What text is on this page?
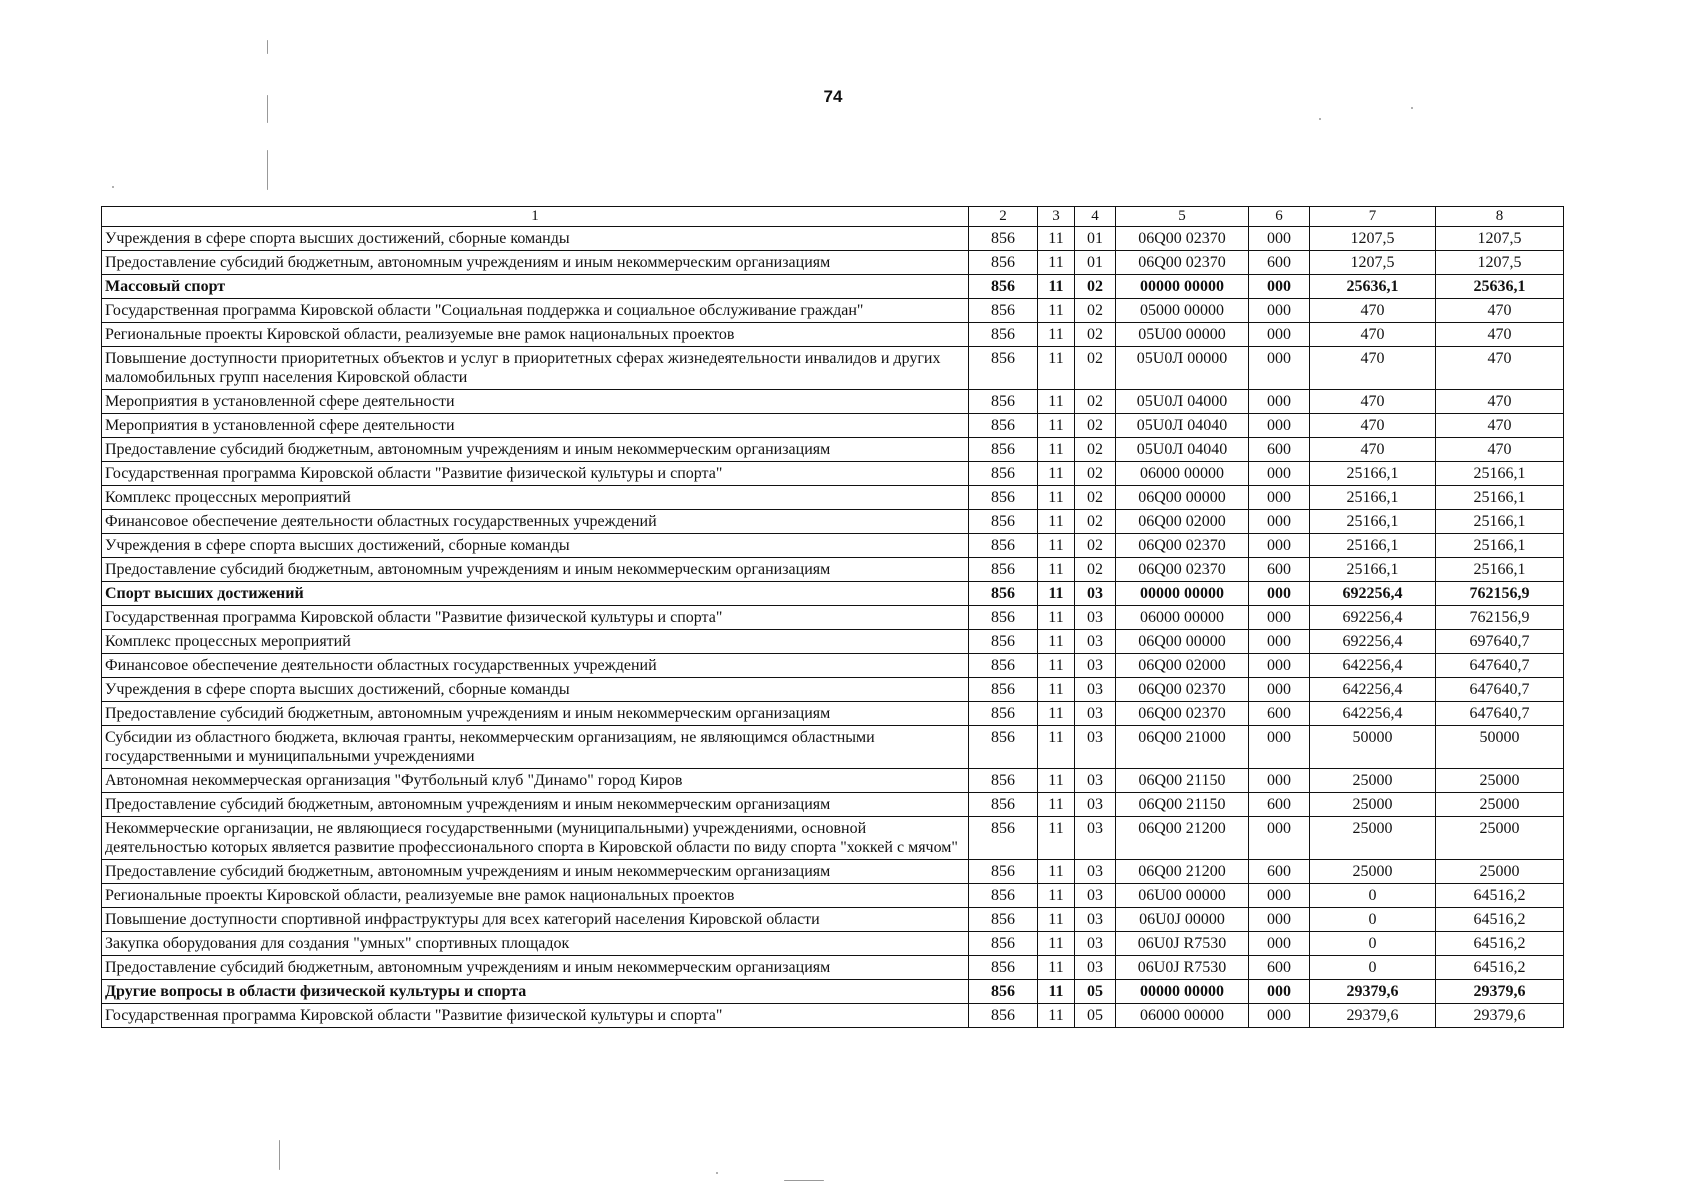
74
1	2	3	4	5	6	7	8
Учреждения в сфере спорта высших достижений, сборные команды	856	11	01	06Q00 02370	000	1207,5	1207,5
Предоставление субсидий бюджетным, автономным учреждениям и иным некоммерческим организациям	856	11	01	06Q00 02370	600	1207,5	1207,5
Массовый спорт	856	11	02	00000 00000	000	25636,1	25636,1
Государственная программа Кировской области "Социальная поддержка и социальное обслуживание граждан"	856	11	02	05000 00000	000	470	470
Региональные проекты Кировской области, реализуемые вне рамок национальных проектов	856	11	02	05U00 00000	000	470	470
Повышение доступности приоритетных объектов и услуг в приоритетных сферах жизнедеятельности инвалидов и других маломобильных групп населения Кировской области	856	11	02	05U0Л 00000	000	470	470
Мероприятия в установленной сфере деятельности	856	11	02	05U0Л 04000	000	470	470
Мероприятия в установленной сфере деятельности	856	11	02	05U0Л 04040	000	470	470
Предоставление субсидий бюджетным, автономным учреждениям и иным некоммерческим организациям	856	11	02	05U0Л 04040	600	470	470
Государственная программа Кировской области "Развитие физической культуры и спорта"	856	11	02	06000 00000	000	25166,1	25166,1
Комплекс процессных мероприятий	856	11	02	06Q00 00000	000	25166,1	25166,1
Финансовое обеспечение деятельности областных государственных учреждений	856	11	02	06Q00 02000	000	25166,1	25166,1
Учреждения в сфере спорта высших достижений, сборные команды	856	11	02	06Q00 02370	000	25166,1	25166,1
Предоставление субсидий бюджетным, автономным учреждениям и иным некоммерческим организациям	856	11	02	06Q00 02370	600	25166,1	25166,1
Спорт высших достижений	856	11	03	00000 00000	000	692256,4	762156,9
Государственная программа Кировской области "Развитие физической культуры и спорта"	856	11	03	06000 00000	000	692256,4	762156,9
Комплекс процессных мероприятий	856	11	03	06Q00 00000	000	692256,4	697640,7
Финансовое обеспечение деятельности областных государственных учреждений	856	11	03	06Q00 02000	000	642256,4	647640,7
Учреждения в сфере спорта высших достижений, сборные команды	856	11	03	06Q00 02370	000	642256,4	647640,7
Предоставление субсидий бюджетным, автономным учреждениям и иным некоммерческим организациям	856	11	03	06Q00 02370	600	642256,4	647640,7
Субсидии из областного бюджета, включая гранты, некоммерческим организациям, не являющимся областными государственными и муниципальными учреждениями	856	11	03	06Q00 21000	000	50000	50000
Автономная некоммерческая организация "Футбольный клуб "Динамо" город Киров	856	11	03	06Q00 21150	000	25000	25000
Предоставление субсидий бюджетным, автономным учреждениям и иным некоммерческим организациям	856	11	03	06Q00 21150	600	25000	25000
Некоммерческие организации, не являющиеся государственными (муниципальными) учреждениями, основной деятельностью которых является развитие профессионального спорта в Кировской области по виду спорта "хоккей с мячом"	856	11	03	06Q00 21200	000	25000	25000
Предоставление субсидий бюджетным, автономным учреждениям и иным некоммерческим организациям	856	11	03	06Q00 21200	600	25000	25000
Региональные проекты Кировской области, реализуемые вне рамок национальных проектов	856	11	03	06U00 00000	000	0	64516,2
Повышение доступности спортивной инфраструктуры для всех категорий населения Кировской области	856	11	03	06U0J 00000	000	0	64516,2
Закупка оборудования для создания "умных" спортивных площадок	856	11	03	06U0J R7530	000	0	64516,2
Предоставление субсидий бюджетным, автономным учреждениям и иным некоммерческим организациям	856	11	03	06U0J R7530	600	0	64516,2
Другие вопросы в области физической культуры и спорта	856	11	05	00000 00000	000	29379,6	29379,6
Государственная программа Кировской области "Развитие физической культуры и спорта"	856	11	05	06000 00000	000	29379,6	29379,6
